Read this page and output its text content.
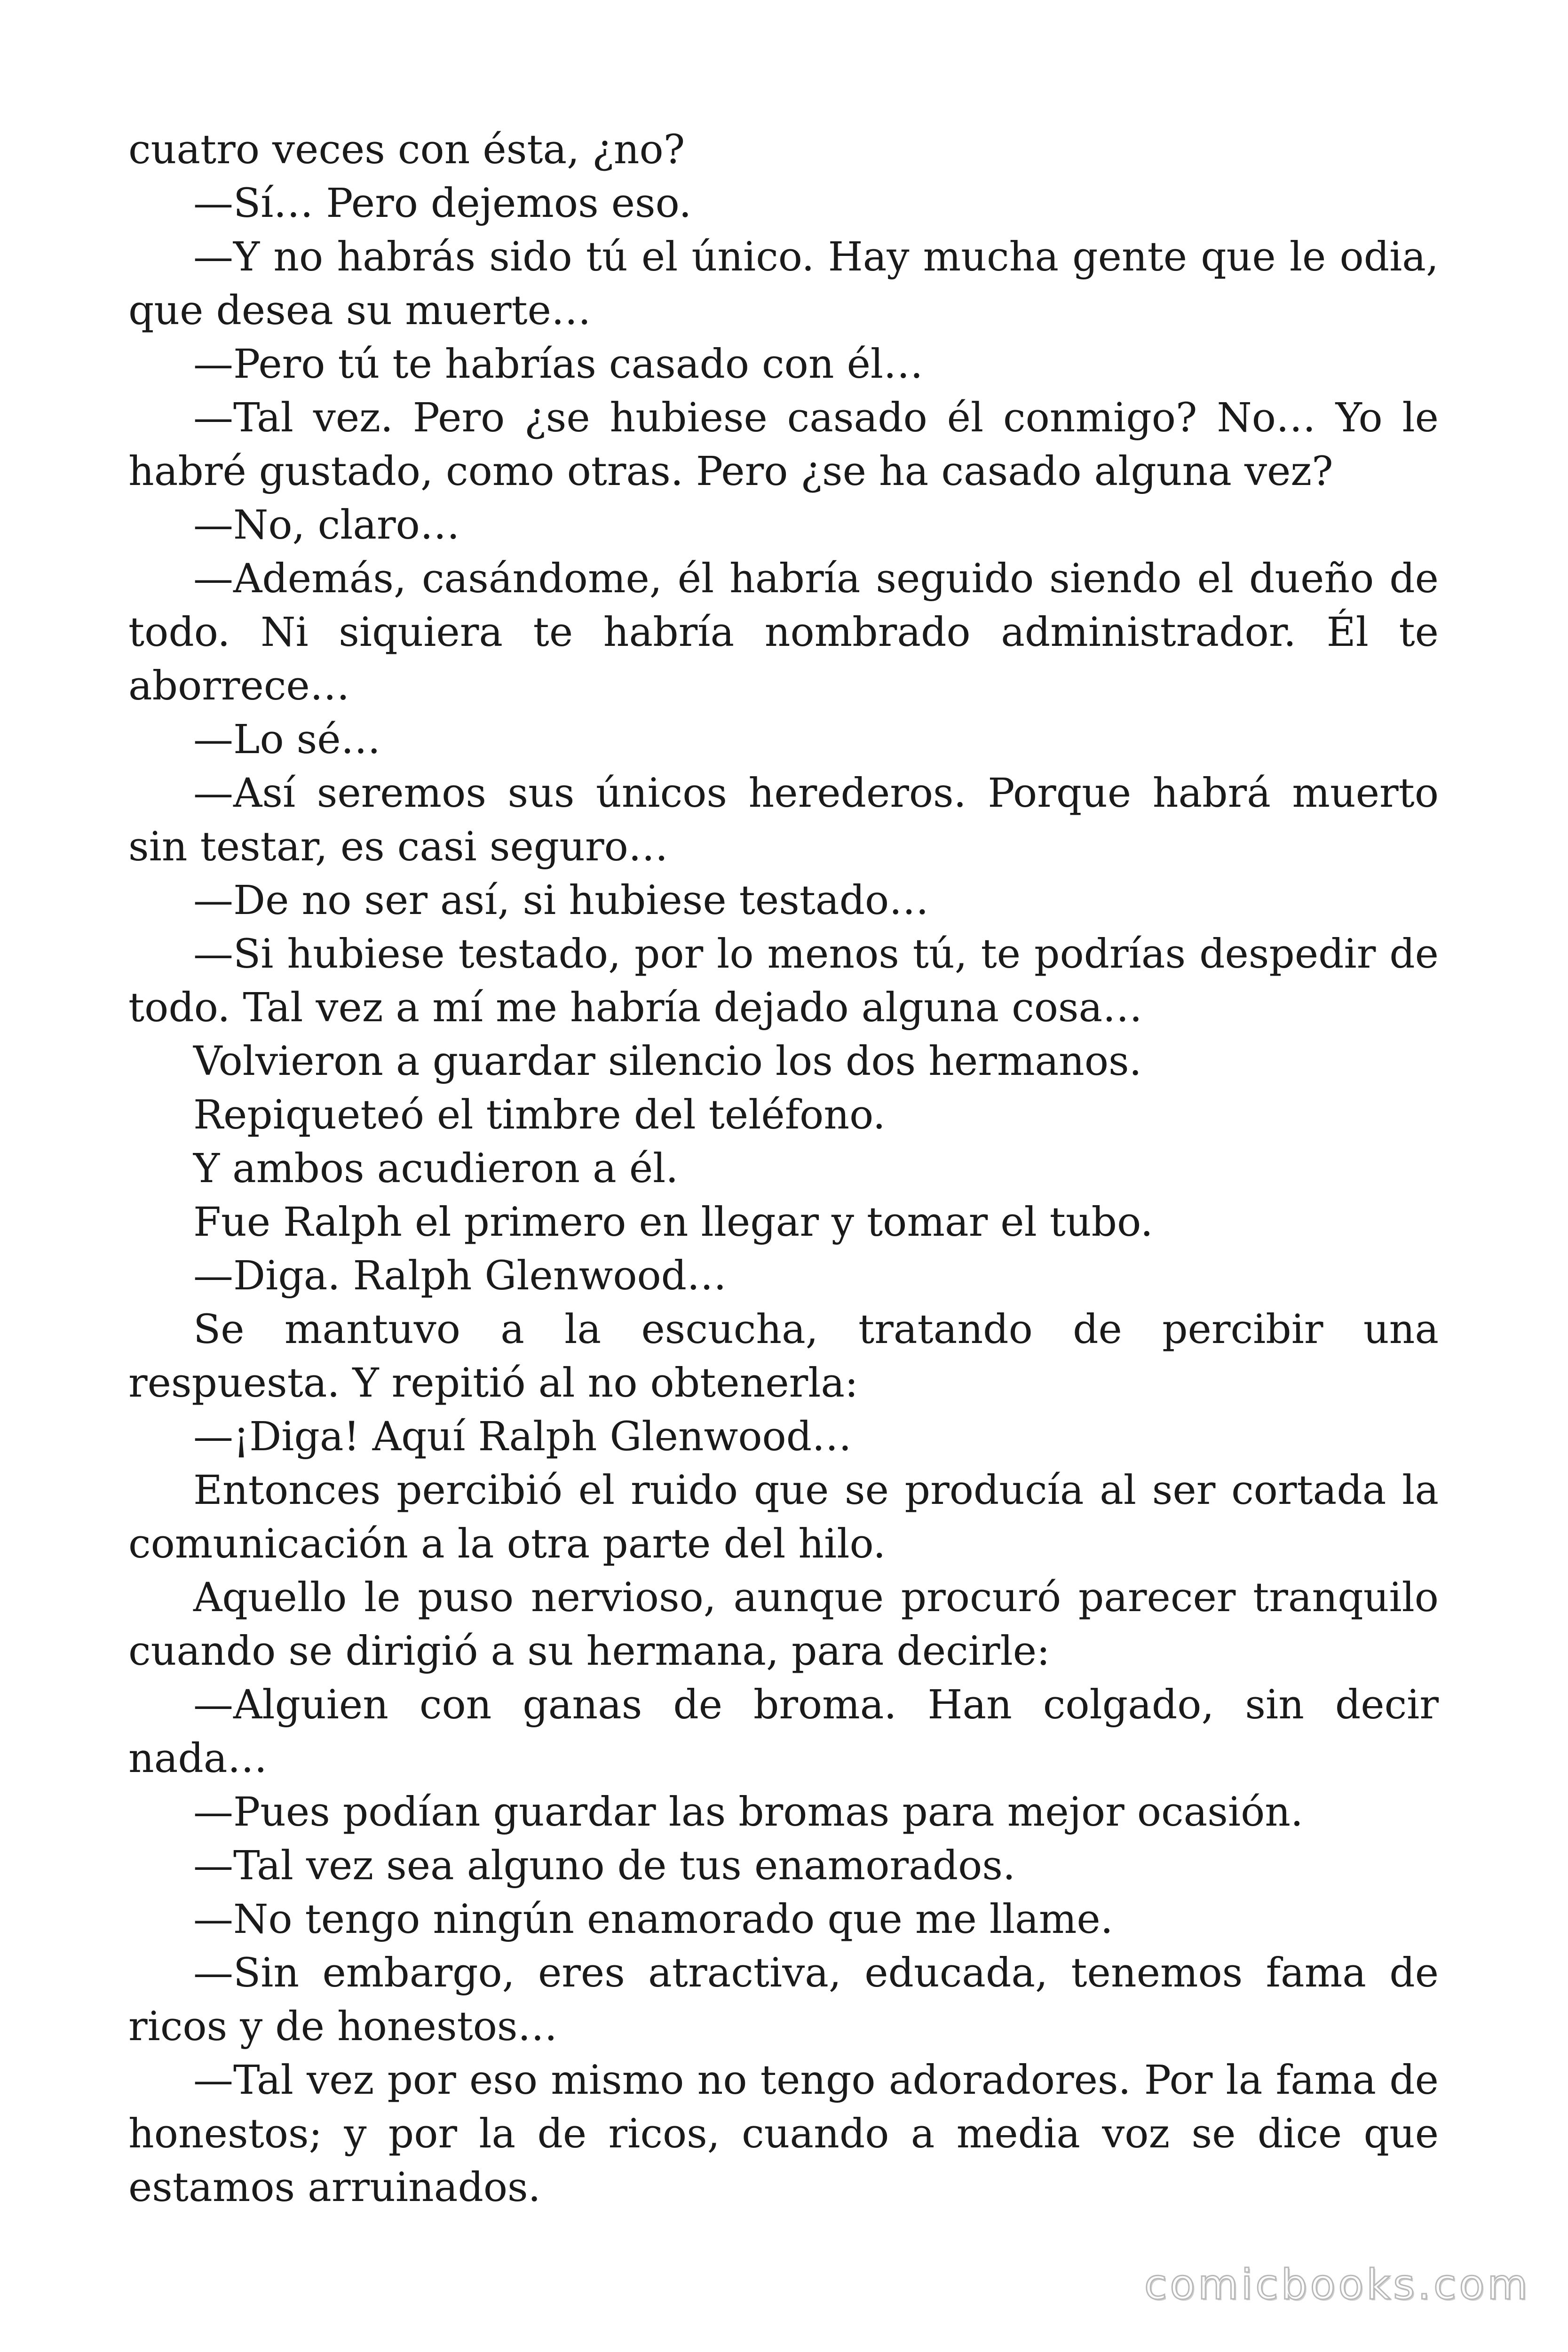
cuatro veces con ésta, ¿no?

—Sí… Pero dejemos eso.

—Y no habrás sido tú el único. Hay mucha gente que le odia, que desea su muerte…

—Pero tú te habrías casado con él…

—Tal vez. Pero ¿se hubiese casado él conmigo? No… Yo le habré gustado, como otras. Pero ¿se ha casado alguna vez?

—No, claro…

—Además, casándome, él habría seguido siendo el dueño de todo. Ni siquiera te habría nombrado administrador. Él te aborrece…

—Lo sé…

—Así seremos sus únicos herederos. Porque habrá muerto sin testar, es casi seguro…

—De no ser así, si hubiese testado…

—Si hubiese testado, por lo menos tú, te podrías despedir de todo. Tal vez a mí me habría dejado alguna cosa…

Volvieron a guardar silencio los dos hermanos.

Repiqueteó el timbre del teléfono.

Y ambos acudieron a él.

Fue Ralph el primero en llegar y tomar el tubo.

—Diga. Ralph Glenwood…

Se mantuvo a la escucha, tratando de percibir una respuesta. Y repitió al no obtenerla:

—¡Diga! Aquí Ralph Glenwood…

Entonces percibió el ruido que se producía al ser cortada la comunicación a la otra parte del hilo.

Aquello le puso nervioso, aunque procuró parecer tranquilo cuando se dirigió a su hermana, para decirle:

—Alguien con ganas de broma. Han colgado, sin decir nada…

—Pues podían guardar las bromas para mejor ocasión.

—Tal vez sea alguno de tus enamorados.

—No tengo ningún enamorado que me llame.

—Sin embargo, eres atractiva, educada, tenemos fama de ricos y de honestos…

—Tal vez por eso mismo no tengo adoradores. Por la fama de honestos; y por la de ricos, cuando a media voz se dice que estamos arruinados.

comicbooks.com
